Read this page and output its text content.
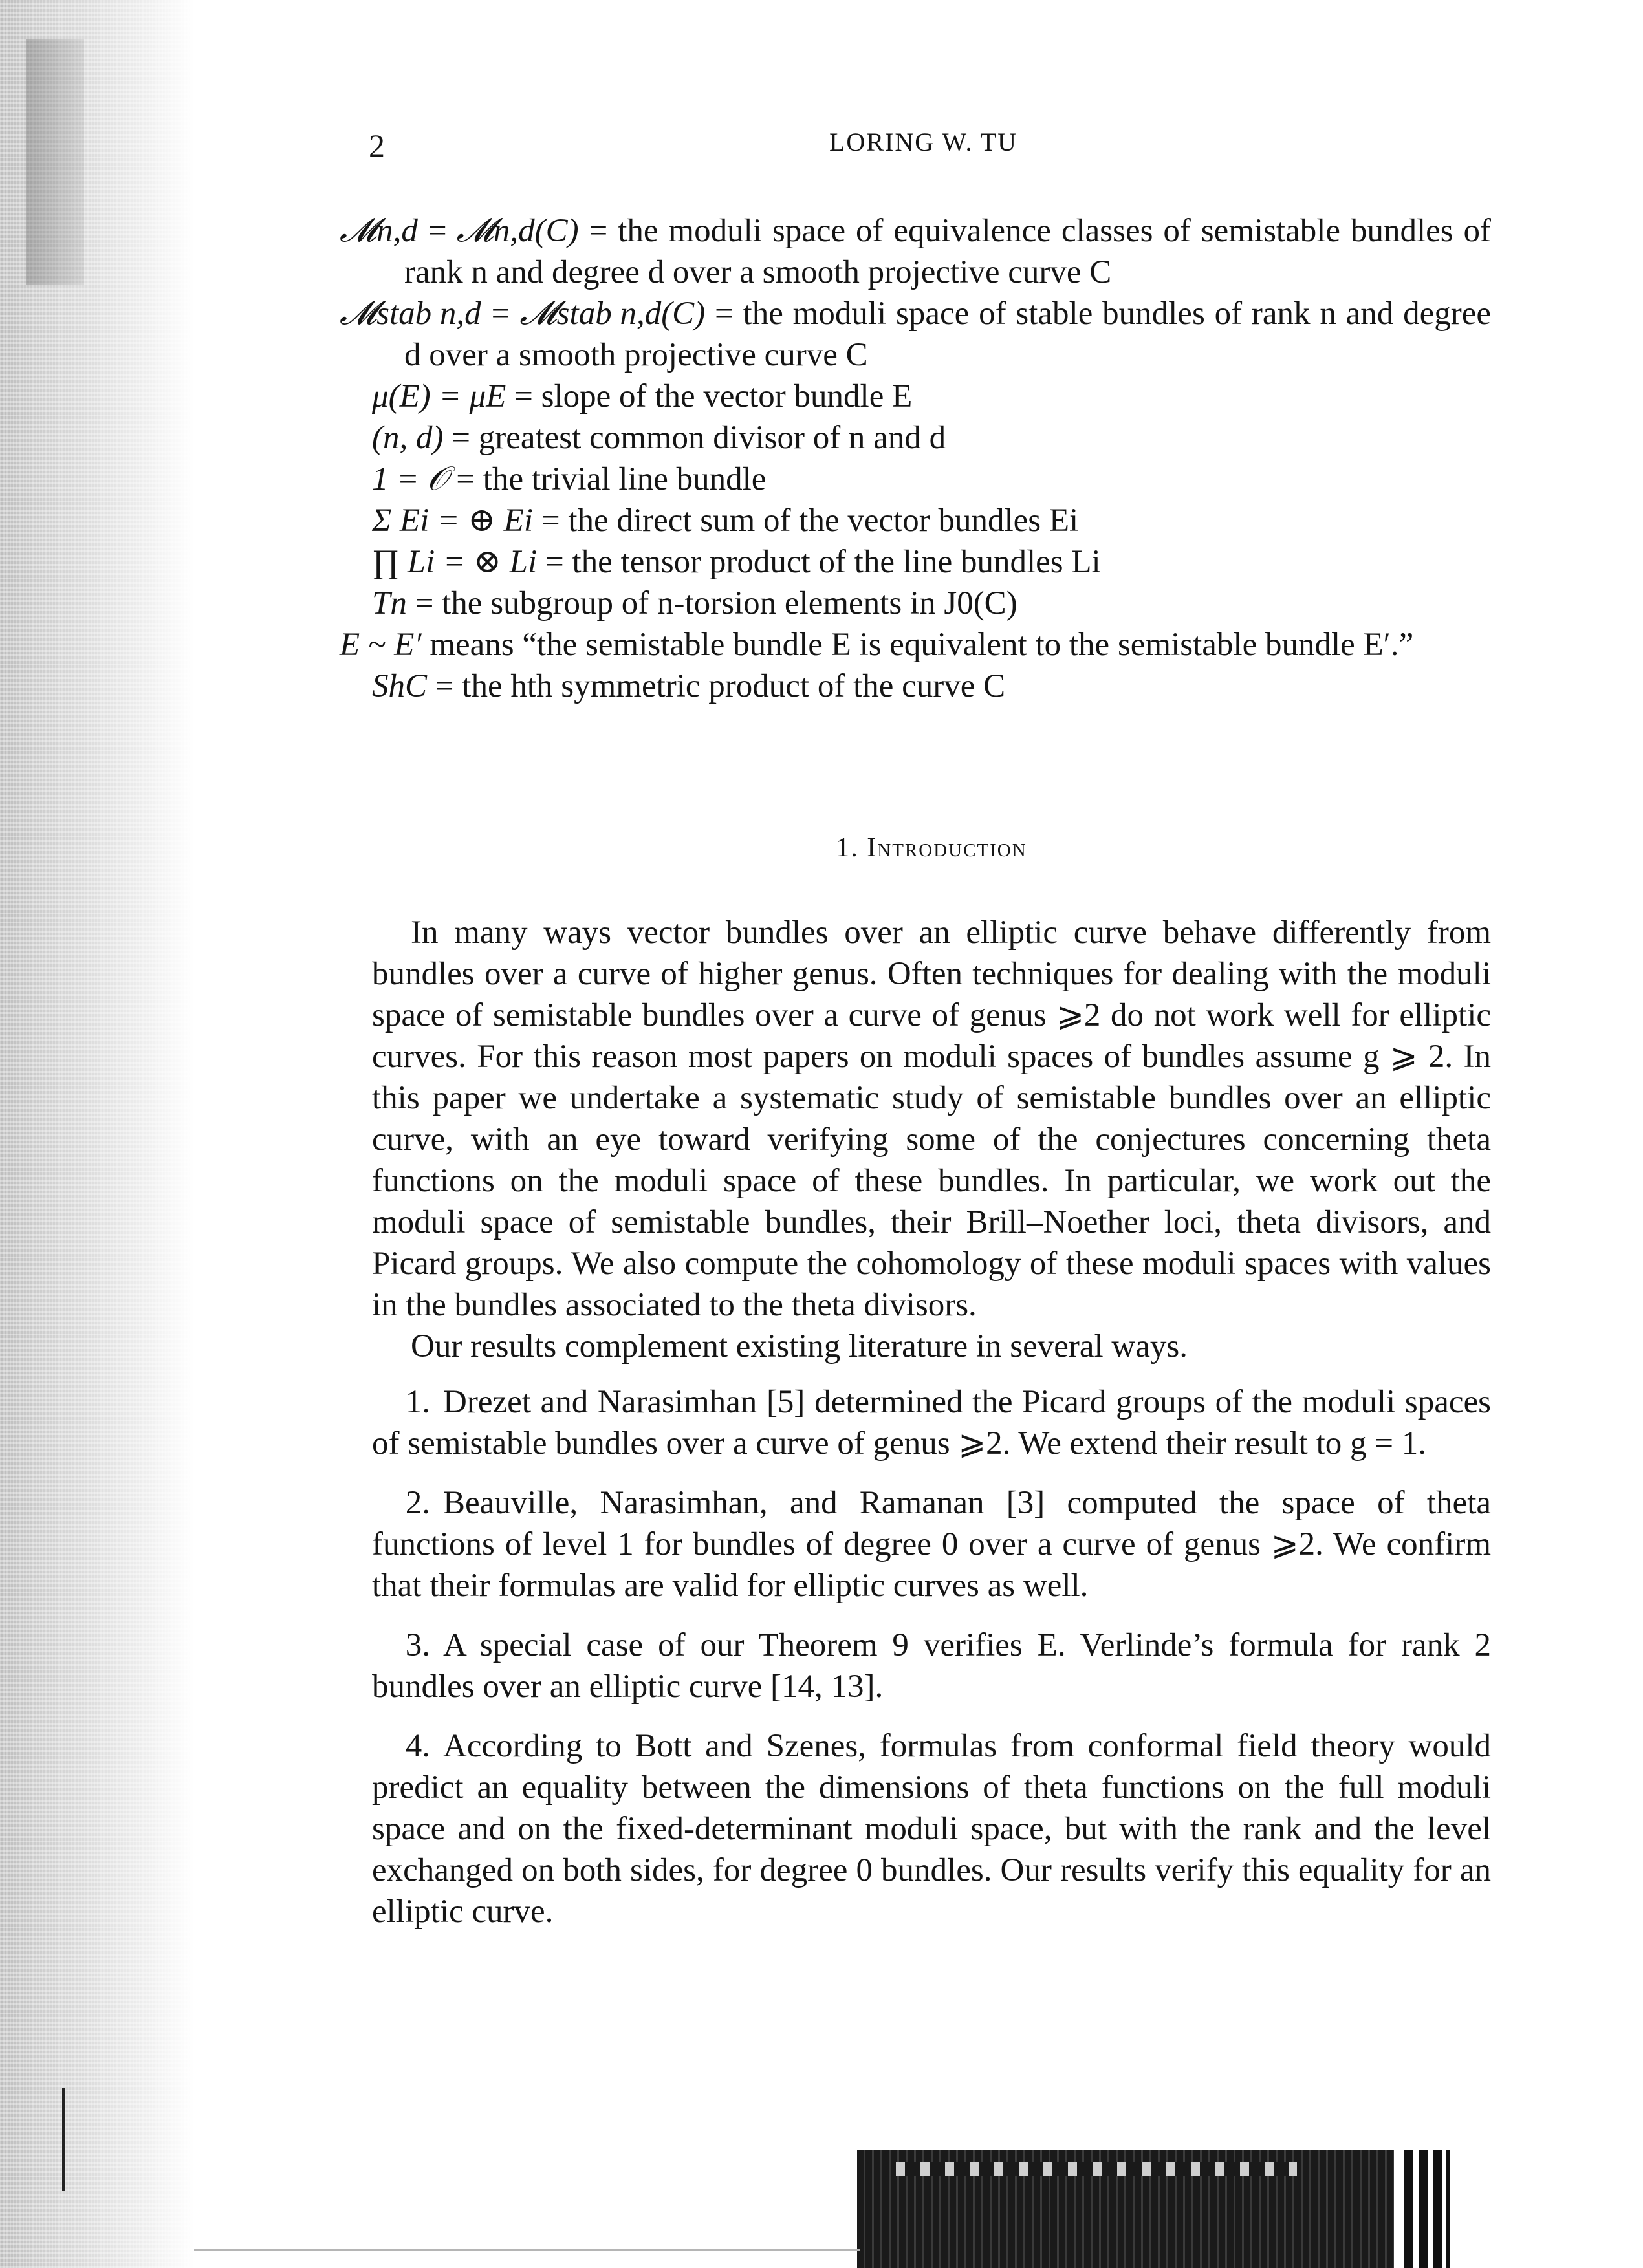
2	LORING W. TU
𝓜n,d = 𝓜n,d(C) = the moduli space of equivalence classes of semistable bundles of rank n and degree d over a smooth projective curve C
𝓜stab n,d = 𝓜stab n,d(C) = the moduli space of stable bundles of rank n and degree d over a smooth projective curve C
μ(E) = μE = slope of the vector bundle E
(n, d) = greatest common divisor of n and d
1 = 𝒪 = the trivial line bundle
Σ Ei = ⊕ Ei = the direct sum of the vector bundles Ei
∏ Li = ⊗ Li = the tensor product of the line bundles Li
Tn = the subgroup of n-torsion elements in J0(C)
E ~ E′ means “the semistable bundle E is equivalent to the semistable bundle E′.”
ShC = the hth symmetric product of the curve C
1. Introduction

In many ways vector bundles over an elliptic curve behave differently from bundles over a curve of higher genus. Often techniques for dealing with the moduli space of semistable bundles over a curve of genus ⩾2 do not work well for elliptic curves. For this reason most papers on moduli spaces of bundles assume g ⩾ 2. In this paper we undertake a systematic study of semistable bundles over an elliptic curve, with an eye toward verifying some of the conjectures concerning theta functions on the moduli space of these bundles. In particular, we work out the moduli space of semistable bundles, their Brill–Noether loci, theta divisors, and Picard groups. We also compute the cohomology of these moduli spaces with values in the bundles associated to the theta divisors.

Our results complement existing literature in several ways.

1. Drezet and Narasimhan [5] determined the Picard groups of the moduli spaces of semistable bundles over a curve of genus ⩾2. We extend their result to g = 1.

2. Beauville, Narasimhan, and Ramanan [3] computed the space of theta functions of level 1 for bundles of degree 0 over a curve of genus ⩾2. We confirm that their formulas are valid for elliptic curves as well.

3. A special case of our Theorem 9 verifies E. Verlinde’s formula for rank 2 bundles over an elliptic curve [14, 13].

4. According to Bott and Szenes, formulas from conformal field theory would predict an equality between the dimensions of theta functions on the full moduli space and on the fixed-determinant moduli space, but with the rank and the level exchanged on both sides, for degree 0 bundles. Our results verify this equality for an elliptic curve.
